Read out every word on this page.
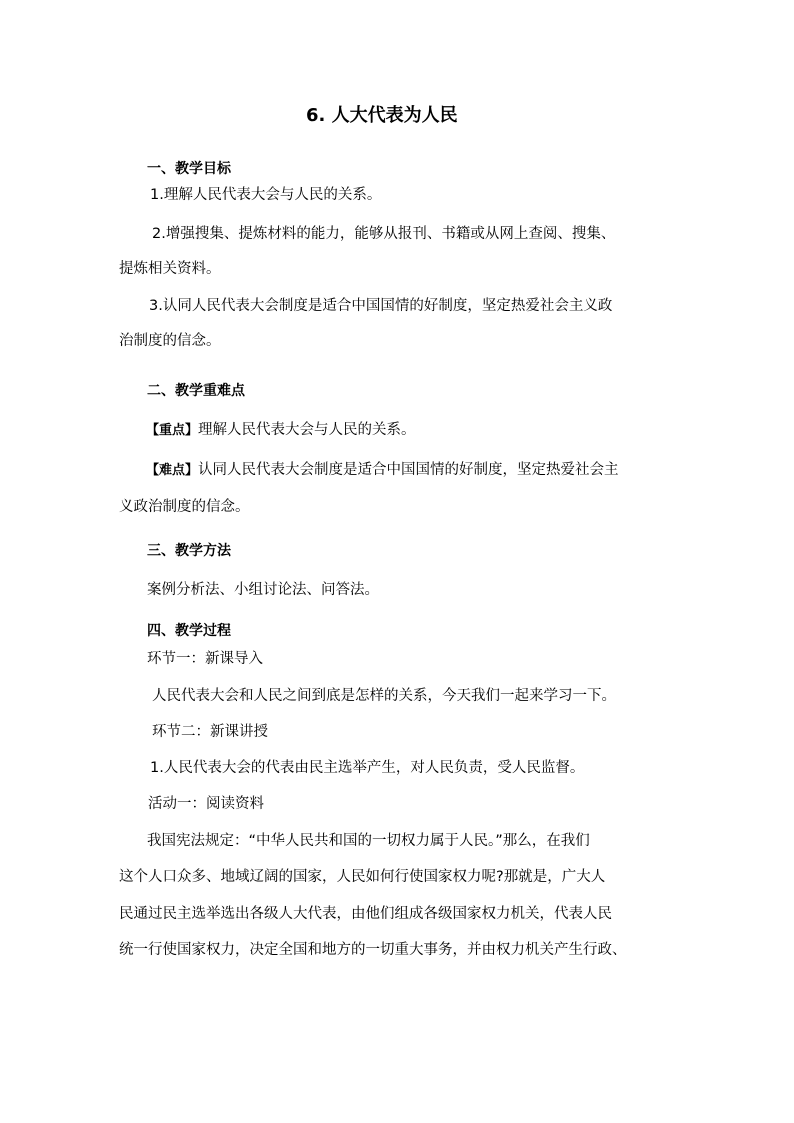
6. 人大代表为人民
一、教学目标
1.理解人民代表大会与人民的关系。
2.增强搜集、提炼材料的能力，能够从报刊、书籍或从网上查阅、搜集、
提炼相关资料。
3.认同人民代表大会制度是适合中国国情的好制度，坚定热爱社会主义政
治制度的信念。
二、教学重难点
【重点】理解人民代表大会与人民的关系。
【难点】认同人民代表大会制度是适合中国国情的好制度，坚定热爱社会主
义政治制度的信念。
三、教学方法
案例分析法、小组讨论法、问答法。
四、教学过程
环节一：新课导入
人民代表大会和人民之间到底是怎样的关系，今天我们一起来学习一下。
环节二：新课讲授
1.人民代表大会的代表由民主选举产生，对人民负责，受人民监督。
活动一：阅读资料
我国宪法规定：“中华人民共和国的一切权力属于人民。”那么，在我们
这个人口众多、地域辽阔的国家，人民如何行使国家权力呢?那就是，广大人
民通过民主选举选出各级人大代表，由他们组成各级国家权力机关，代表人民
统一行使国家权力，决定全国和地方的一切重大事务，并由权力机关产生行政、
